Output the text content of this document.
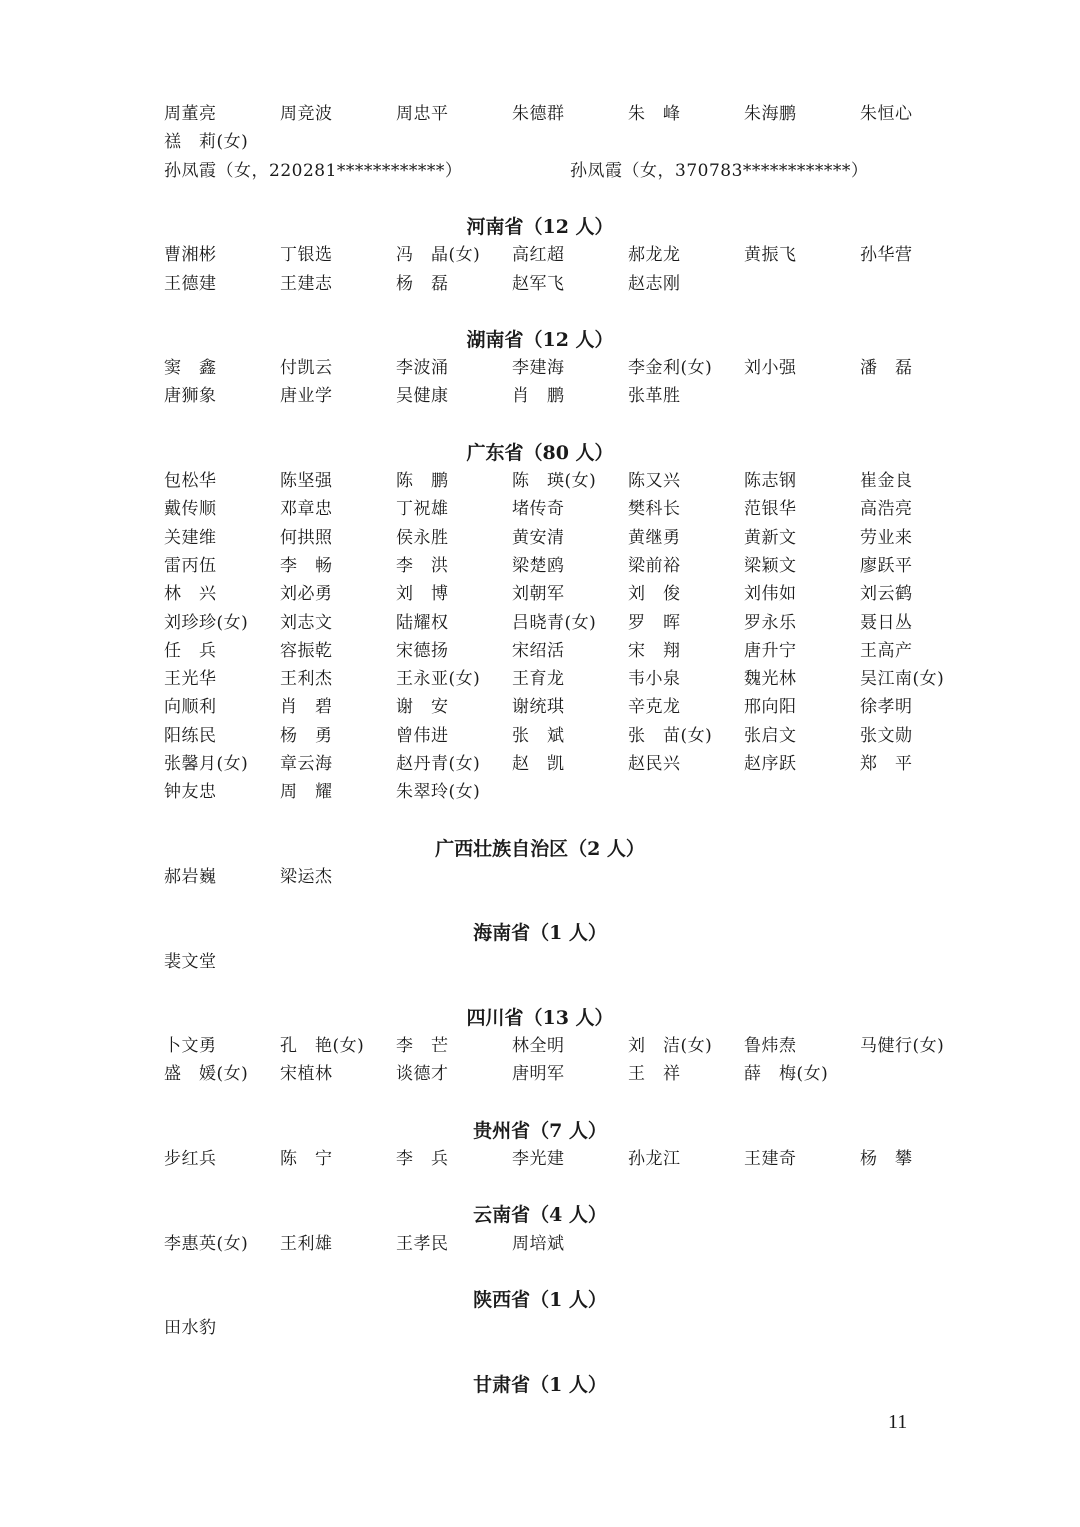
周董亮	周竞波	周忠平	朱德群	朱　峰	朱海鹏	朱恒心
禚　莉(女)
孙凤霞（女，220281************）	孙凤霞（女，370783************）
河南省（12 人）
曹湘彬	丁银选	冯　晶(女) 高红超	郝龙龙	黄振飞	孙华营
王德建	王建志	杨　磊	赵军飞	赵志刚
湖南省（12 人）
窦　鑫	付凯云	李波涌	李建海	李金利(女) 刘小强	潘　磊
唐狮象	唐业学	吴健康	肖　鹏	张革胜
广东省（80 人）
包松华	陈坚强	陈　鹏	陈　瑛(女) 陈又兴	陈志钢	崔金良
戴传顺	邓章忠	丁祝雄	堵传奇	樊科长	范银华	高浩亮
关建维	何拱照	侯永胜	黄安清	黄继勇	黄新文	劳业来
雷丙伍	李　畅	李　洪	梁楚鸥	梁前裕	梁颖文	廖跃平
林　兴	刘必勇	刘　博	刘朝军	刘　俊	刘伟如	刘云鹤
刘珍珍(女) 刘志文	陆耀权	吕晓青(女) 罗　晖	罗永乐	聂日丛
任　兵	容振乾	宋德扬	宋绍活	宋　翔	唐升宁	王高产
王光华	王利杰	王永亚(女) 王育龙	韦小泉	魏光林	吴江南(女)
向顺利	肖　碧	谢　安	谢统琪	辛克龙	邢向阳	徐孝明
阳练民	杨　勇	曾伟进	张　斌	张　苗(女) 张启文	张文勋
张馨月(女) 章云海	赵丹青(女) 赵　凯	赵民兴	赵序跃	郑　平
钟友忠	周　耀	朱翠玲(女)
广西壮族自治区（2 人）
郝岩巍	梁运杰
海南省（1 人）
裴文堂
四川省（13 人）
卜文勇	孔　艳(女) 李　芒	林全明	刘　洁(女) 鲁炜焘	马健行(女)
盛　媛(女) 宋植林	谈德才	唐明军	王　祥	薛　梅(女)
贵州省（7 人）
步红兵	陈　宁	李　兵	李光建	孙龙江	王建奇	杨　攀
云南省（4 人）
李惠英(女) 王利雄	王孝民	周培斌
陕西省（1 人）
田水豹
甘肃省（1 人）
11
